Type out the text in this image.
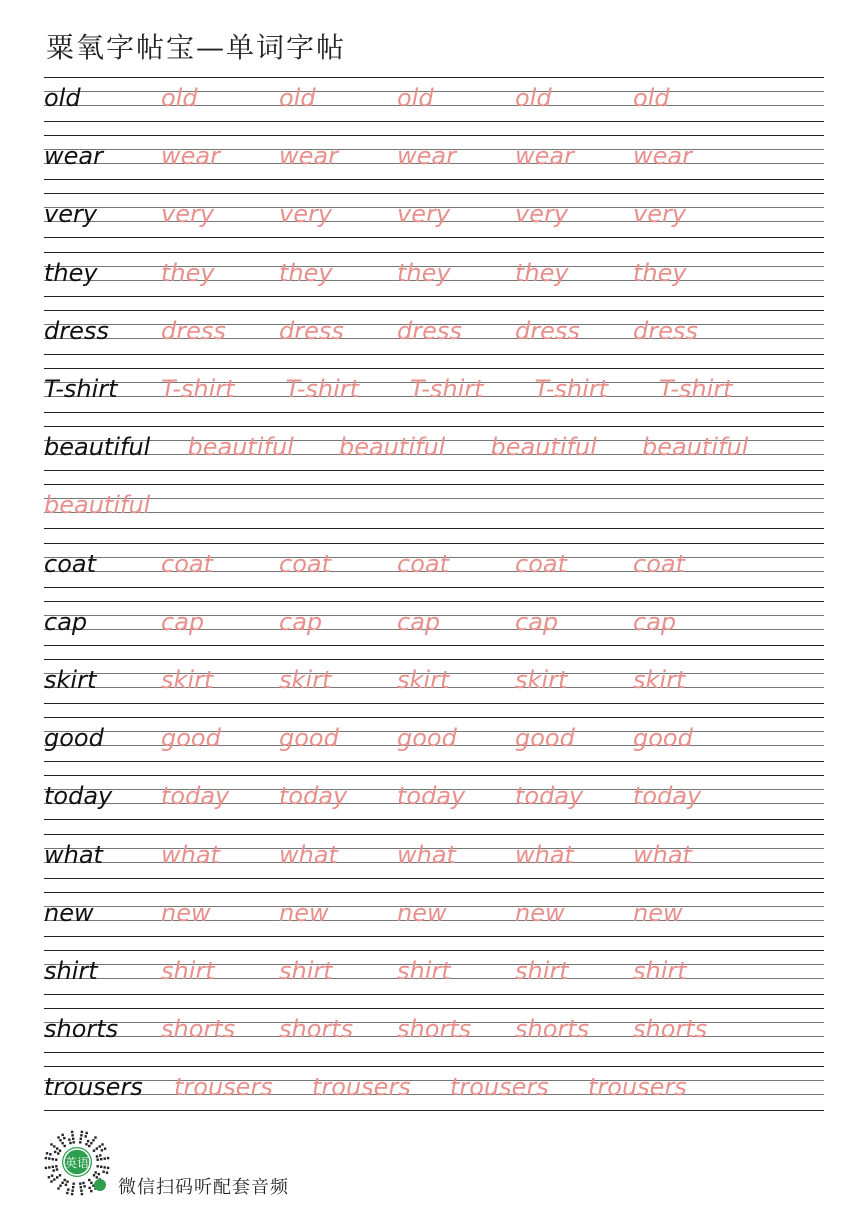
粟氧字帖宝—单词字帖
old	old	old	old	old	old
wear wear wear wear wear wear
very	very	very	very	very	very
they	they	they	they	they	they
dress dress dress dress dress dress
T-shirt T-shirt T-shirt T-shirt T-shirt T-shirt
beautiful beautiful beautiful beautiful beautiful
beautiful
coat	coat	coat	coat	coat	coat
cap	cap	cap	cap	cap	cap
skirt	skirt	skirt	skirt	skirt	skirt
good good good good good good
today today today today today today
what what what what what what
new	new	new	new	new	new
shirt	shirt	shirt	shirt	shirt	shirt
shorts shorts shorts shorts shorts shorts
trousers trousers trousers trousers trousers
英语
微信扫码听配套音频
